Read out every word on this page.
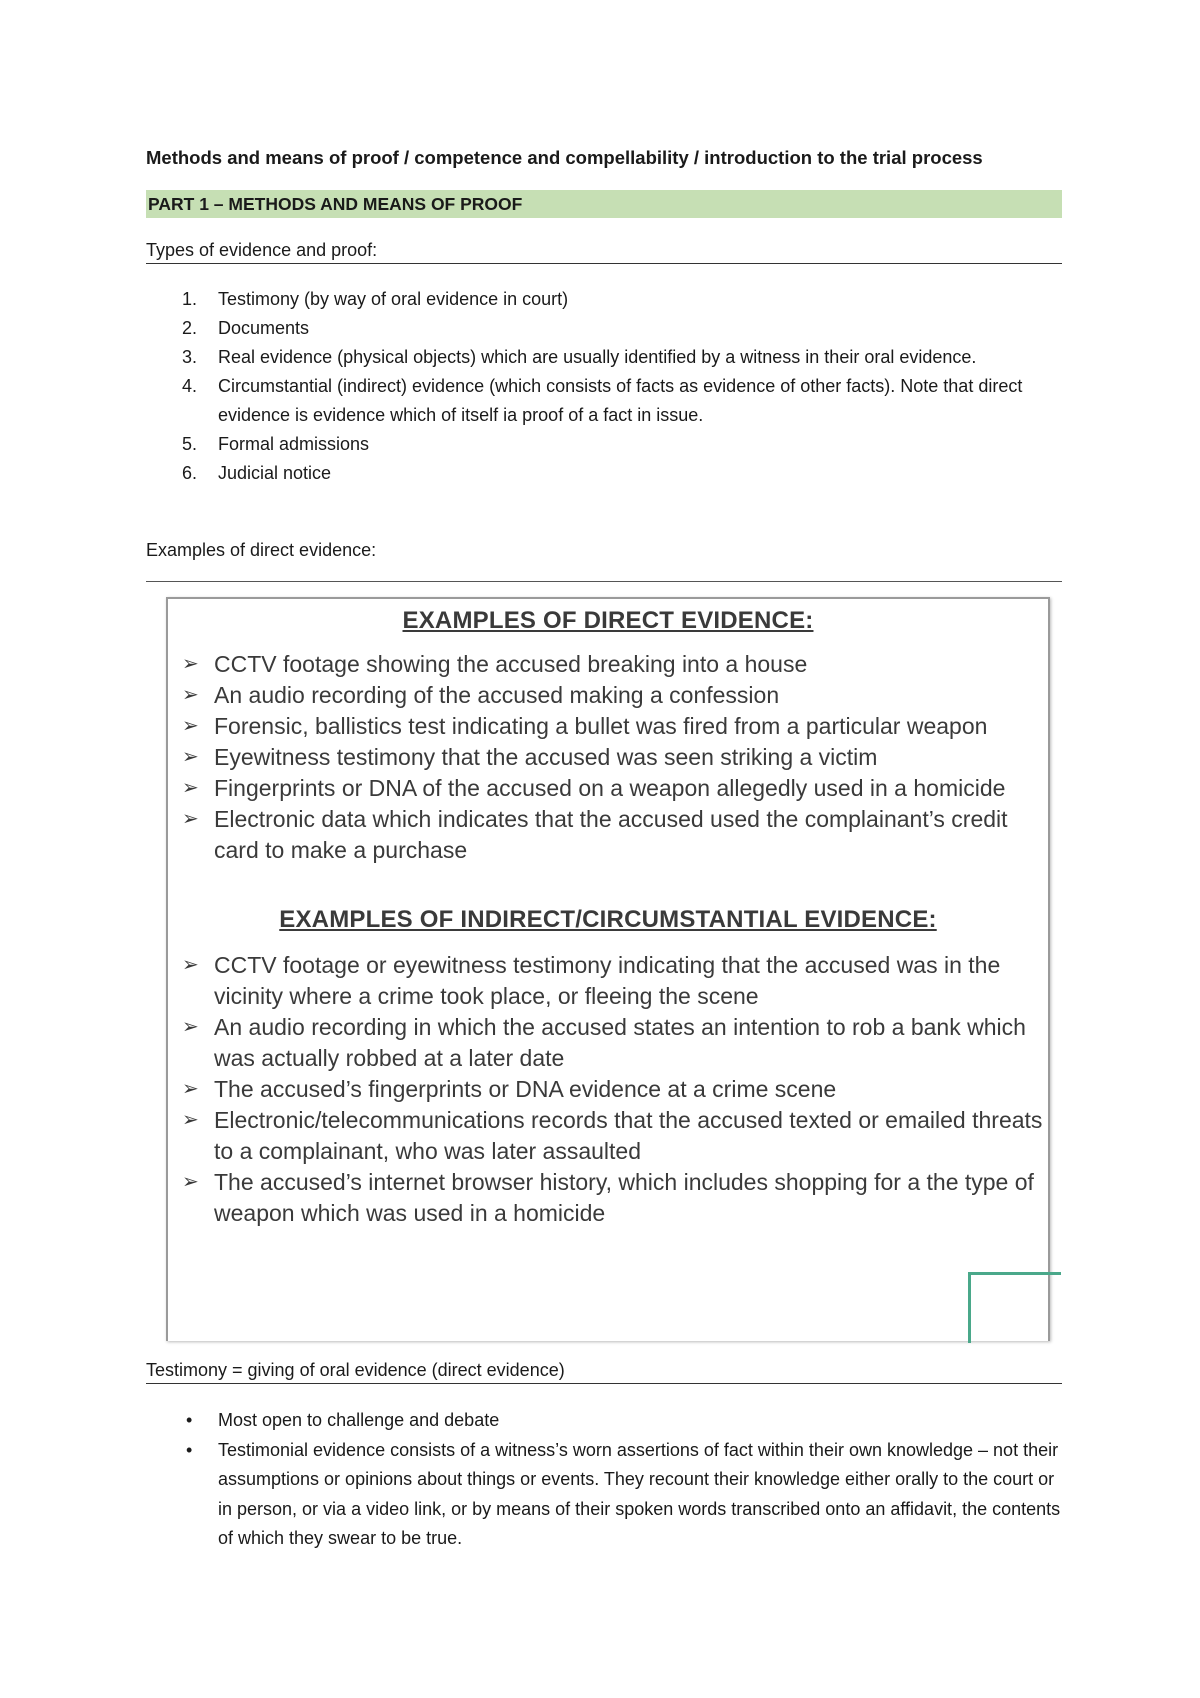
Methods and means of proof / competence and compellability / introduction to the trial process
PART 1 – METHODS AND MEANS OF PROOF
Types of evidence and proof:
1. Testimony (by way of oral evidence in court)
2. Documents
3. Real evidence (physical objects) which are usually identified by a witness in their oral evidence.
4. Circumstantial (indirect) evidence (which consists of facts as evidence of other facts). Note that direct evidence is evidence which of itself ia proof of a fact in issue.
5. Formal admissions
6. Judicial notice
Examples of direct evidence:
EXAMPLES OF DIRECT EVIDENCE:
➢ CCTV footage showing the accused breaking into a house
➢ An audio recording of the accused making a confession
➢ Forensic, ballistics test indicating a bullet was fired from a particular weapon
➢ Eyewitness testimony that the accused was seen striking a victim
➢ Fingerprints or DNA of the accused on a weapon allegedly used in a homicide
➢ Electronic data which indicates that the accused used the complainant’s credit card to make a purchase
EXAMPLES OF INDIRECT/CIRCUMSTANTIAL EVIDENCE:
➢ CCTV footage or eyewitness testimony indicating that the accused was in the vicinity where a crime took place, or fleeing the scene
➢ An audio recording in which the accused states an intention to rob a bank which was actually robbed at a later date
➢ The accused’s fingerprints or DNA evidence at a crime scene
➢ Electronic/telecommunications records that the accused texted or emailed threats to a complainant, who was later assaulted
➢ The accused’s internet browser history, which includes shopping for a the type of weapon which was used in a homicide
Testimony = giving of oral evidence (direct evidence)
• Most open to challenge and debate
• Testimonial evidence consists of a witness’s worn assertions of fact within their own knowledge – not their assumptions or opinions about things or events. They recount their knowledge either orally to the court or in person, or via a video link, or by means of their spoken words transcribed onto an affidavit, the contents of which they swear to be true.
